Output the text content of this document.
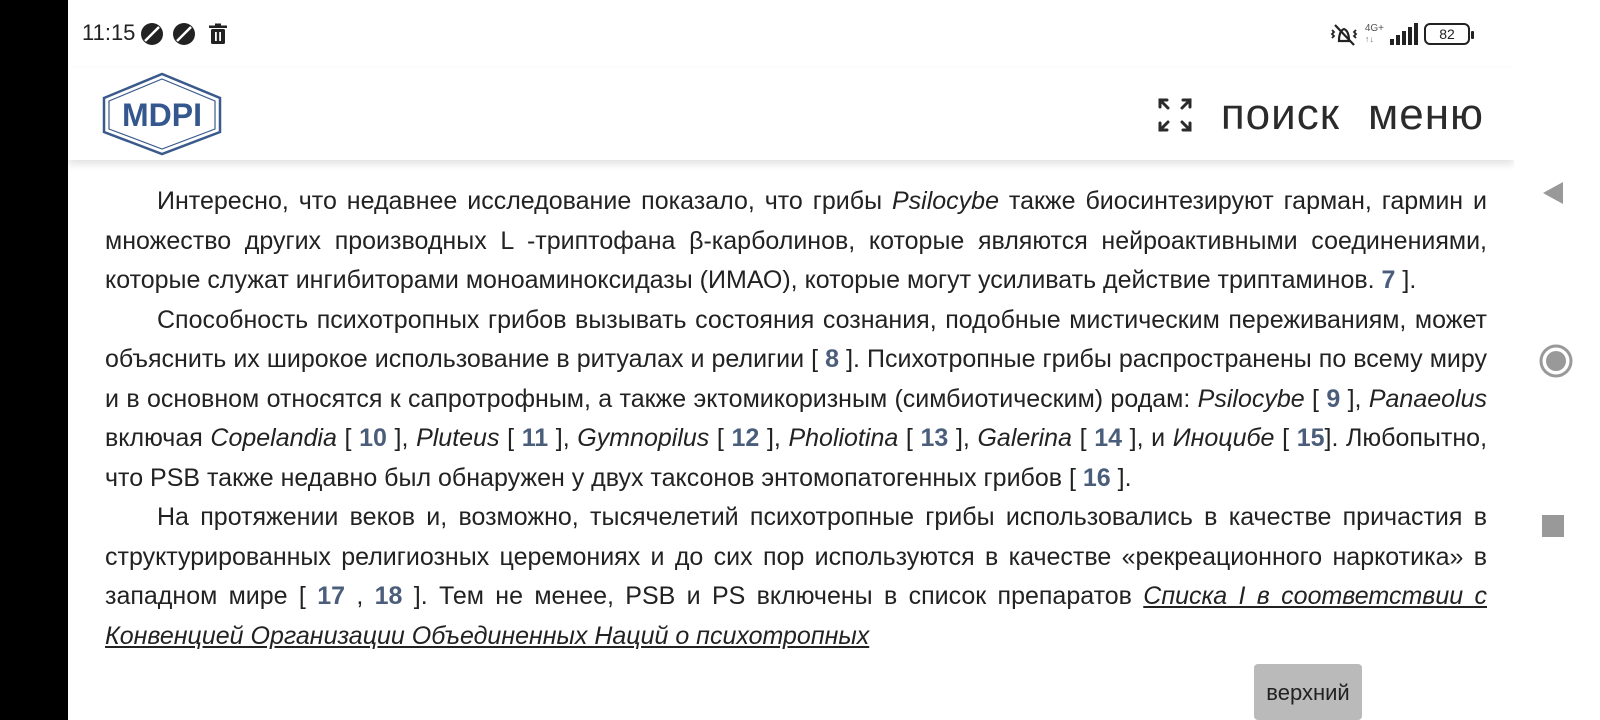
11:15	4G+
↑↓	82
MDPI	поиск меню

Интересно, что недавнее исследование показало, что грибы Psilocybe также биосинтезируют гарман, гармин и множество других производных L -триптофана β-карболинов, которые являются нейроактивными соединениями, которые служат ингибиторами моноаминоксидазы (ИМАО), которые могут усиливать действие триптаминов. 7 ].

Способность психотропных грибов вызывать состояния сознания, подобные мистическим переживаниям, может объяснить их широкое использование в ритуалах и религии [ 8 ]. Психотропные грибы распространены по всему миру и в основном относятся к сапротрофным, а также эктомикоризным (симбиотическим) родам: Psilocybe [ 9 ], Panaeolus включая Copelandia [ 10 ], Pluteus [ 11 ], Gymnopilus [ 12 ], Pholiotina [ 13 ], Galerina [ 14 ], и Иноцибе [ 15]. Любопытно, что PSB также недавно был обнаружен у двух таксонов энтомопатогенных грибов [ 16 ].

На протяжении веков и, возможно, тысячелетий психотропные грибы использовались в качестве причастия в структурированных религиозных церемониях и до сих пор используются в качестве «рекреационного наркотика» в западном мире [ 17 , 18 ]. Тем не менее, PSB и PS включены в список препаратов Списка I в соответствии с Конвенцией Организации Объединенных Наций о психотропных

верхний
